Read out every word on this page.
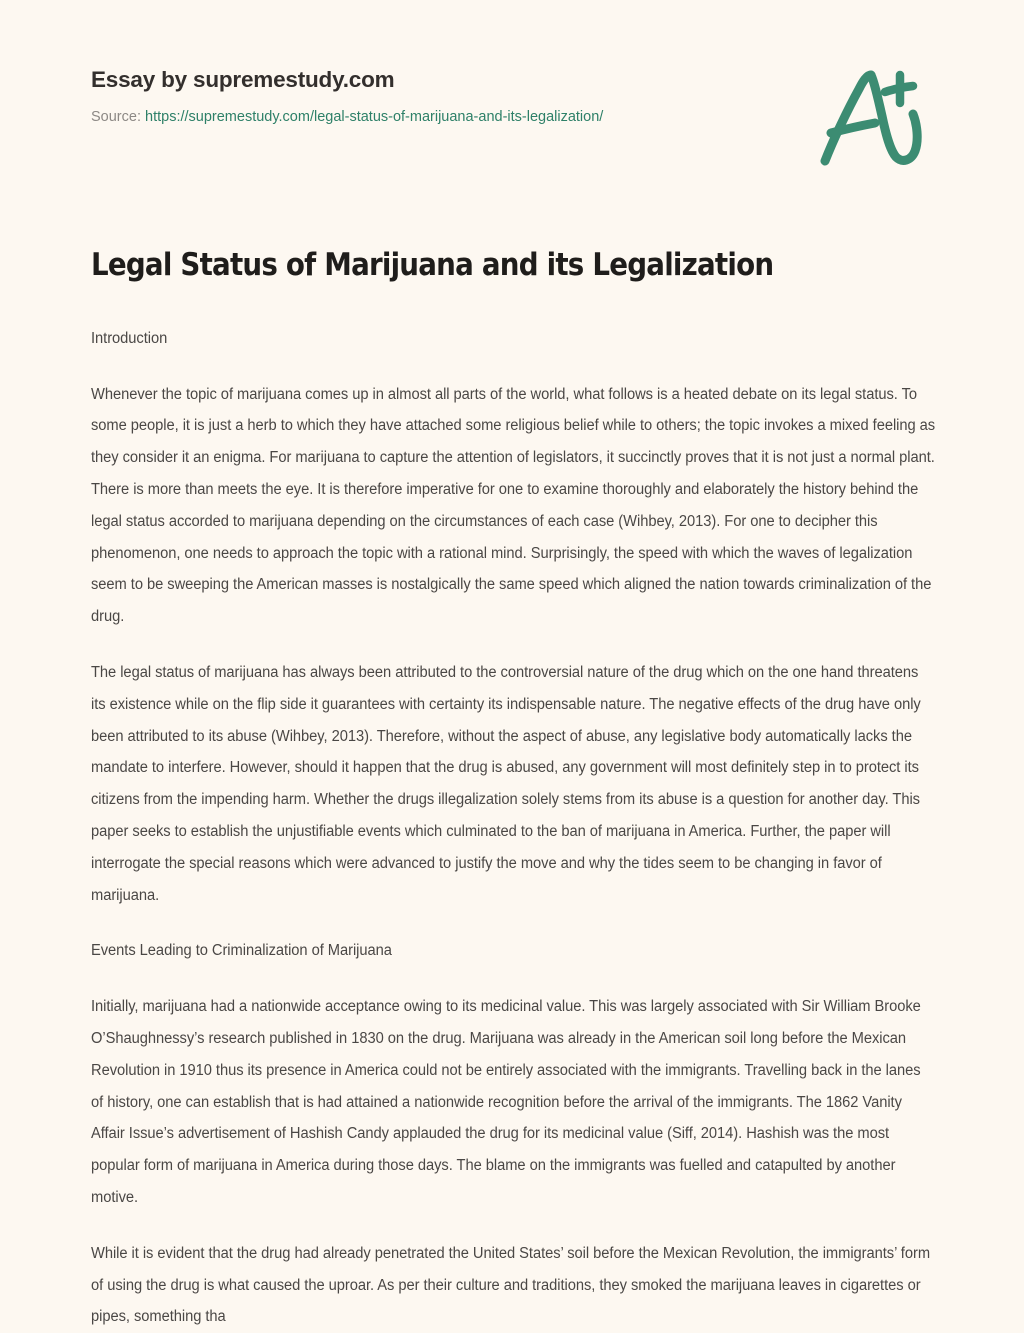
Essay by supremestudy.com
Source: https://supremestudy.com/legal-status-of-marijuana-and-its-legalization/
Legal Status of Marijuana and its Legalization

Introduction

Whenever the topic of marijuana comes up in almost all parts of the world, what follows is a heated debate on its legal status. To some people, it is just a herb to which they have attached some religious belief while to others; the topic invokes a mixed feeling as they consider it an enigma. For marijuana to capture the attention of legislators, it succinctly proves that it is not just a normal plant. There is more than meets the eye. It is therefore imperative for one to examine thoroughly and elaborately the history behind the legal status accorded to marijuana depending on the circumstances of each case (Wihbey, 2013). For one to decipher this phenomenon, one needs to approach the topic with a rational mind. Surprisingly, the speed with which the waves of legalization seem to be sweeping the American masses is nostalgically the same speed which aligned the nation towards criminalization of the drug.

The legal status of marijuana has always been attributed to the controversial nature of the drug which on the one hand threatens its existence while on the flip side it guarantees with certainty its indispensable nature. The negative effects of the drug have only been attributed to its abuse (Wihbey, 2013). Therefore, without the aspect of abuse, any legislative body automatically lacks the mandate to interfere. However, should it happen that the drug is abused, any government will most definitely step in to protect its citizens from the impending harm. Whether the drugs illegalization solely stems from its abuse is a question for another day. This paper seeks to establish the unjustifiable events which culminated to the ban of marijuana in America. Further, the paper will interrogate the special reasons which were advanced to justify the move and why the tides seem to be changing in favor of marijuana.

Events Leading to Criminalization of Marijuana

Initially, marijuana had a nationwide acceptance owing to its medicinal value. This was largely associated with Sir William Brooke O’Shaughnessy’s research published in 1830 on the drug. Marijuana was already in the American soil long before the Mexican Revolution in 1910 thus its presence in America could not be entirely associated with the immigrants. Travelling back in the lanes of history, one can establish that is had attained a nationwide recognition before the arrival of the immigrants. The 1862 Vanity Affair Issue’s advertisement of Hashish Candy applauded the drug for its medicinal value (Siff, 2014). Hashish was the most popular form of marijuana in America during those days. The blame on the immigrants was fuelled and catapulted by another motive.

While it is evident that the drug had already penetrated the United States’ soil before the Mexican Revolution, the immigrants’ form of using the drug is what caused the uproar. As per their culture and traditions, they smoked the marijuana leaves in cigarettes or pipes, something tha
